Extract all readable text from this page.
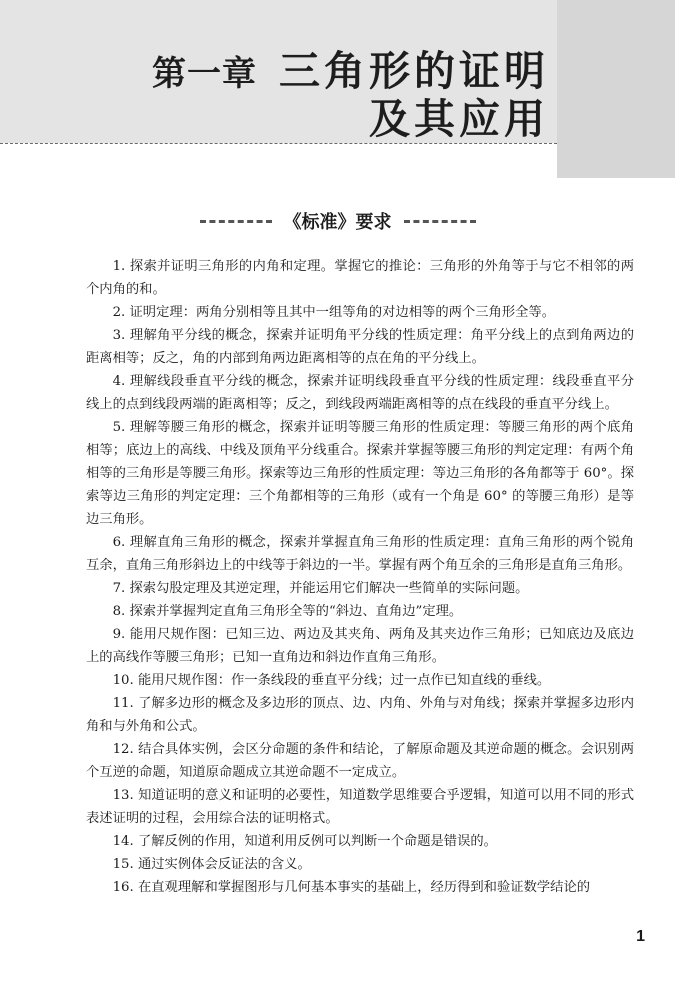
第一章 三角形的证明
及其应用
《标准》要求

1. 探索并证明三角形的内角和定理。掌握它的推论：三角形的外角等于与它不相邻的两个内角的和。

2. 证明定理：两角分别相等且其中一组等角的对边相等的两个三角形全等。

3. 理解角平分线的概念，探索并证明角平分线的性质定理：角平分线上的点到角两边的距离相等；反之，角的内部到角两边距离相等的点在角的平分线上。

4. 理解线段垂直平分线的概念，探索并证明线段垂直平分线的性质定理：线段垂直平分线上的点到线段两端的距离相等；反之，到线段两端距离相等的点在线段的垂直平分线上。

5. 理解等腰三角形的概念，探索并证明等腰三角形的性质定理：等腰三角形的两个底角相等；底边上的高线、中线及顶角平分线重合。探索并掌握等腰三角形的判定定理：有两个角相等的三角形是等腰三角形。探索等边三角形的性质定理：等边三角形的各角都等于 60°。探索等边三角形的判定定理：三个角都相等的三角形（或有一个角是 60° 的等腰三角形）是等边三角形。

6. 理解直角三角形的概念，探索并掌握直角三角形的性质定理：直角三角形的两个锐角互余，直角三角形斜边上的中线等于斜边的一半。掌握有两个角互余的三角形是直角三角形。

7. 探索勾股定理及其逆定理，并能运用它们解决一些简单的实际问题。

8. 探索并掌握判定直角三角形全等的“斜边、直角边”定理。

9. 能用尺规作图：已知三边、两边及其夹角、两角及其夹边作三角形；已知底边及底边上的高线作等腰三角形；已知一直角边和斜边作直角三角形。

10. 能用尺规作图：作一条线段的垂直平分线；过一点作已知直线的垂线。

11. 了解多边形的概念及多边形的顶点、边、内角、外角与对角线；探索并掌握多边形内角和与外角和公式。

12. 结合具体实例，会区分命题的条件和结论，了解原命题及其逆命题的概念。会识别两个互逆的命题，知道原命题成立其逆命题不一定成立。

13. 知道证明的意义和证明的必要性，知道数学思维要合乎逻辑，知道可以用不同的形式表述证明的过程，会用综合法的证明格式。

14. 了解反例的作用，知道利用反例可以判断一个命题是错误的。

15. 通过实例体会反证法的含义。

16. 在直观理解和掌握图形与几何基本事实的基础上，经历得到和验证数学结论的

1
